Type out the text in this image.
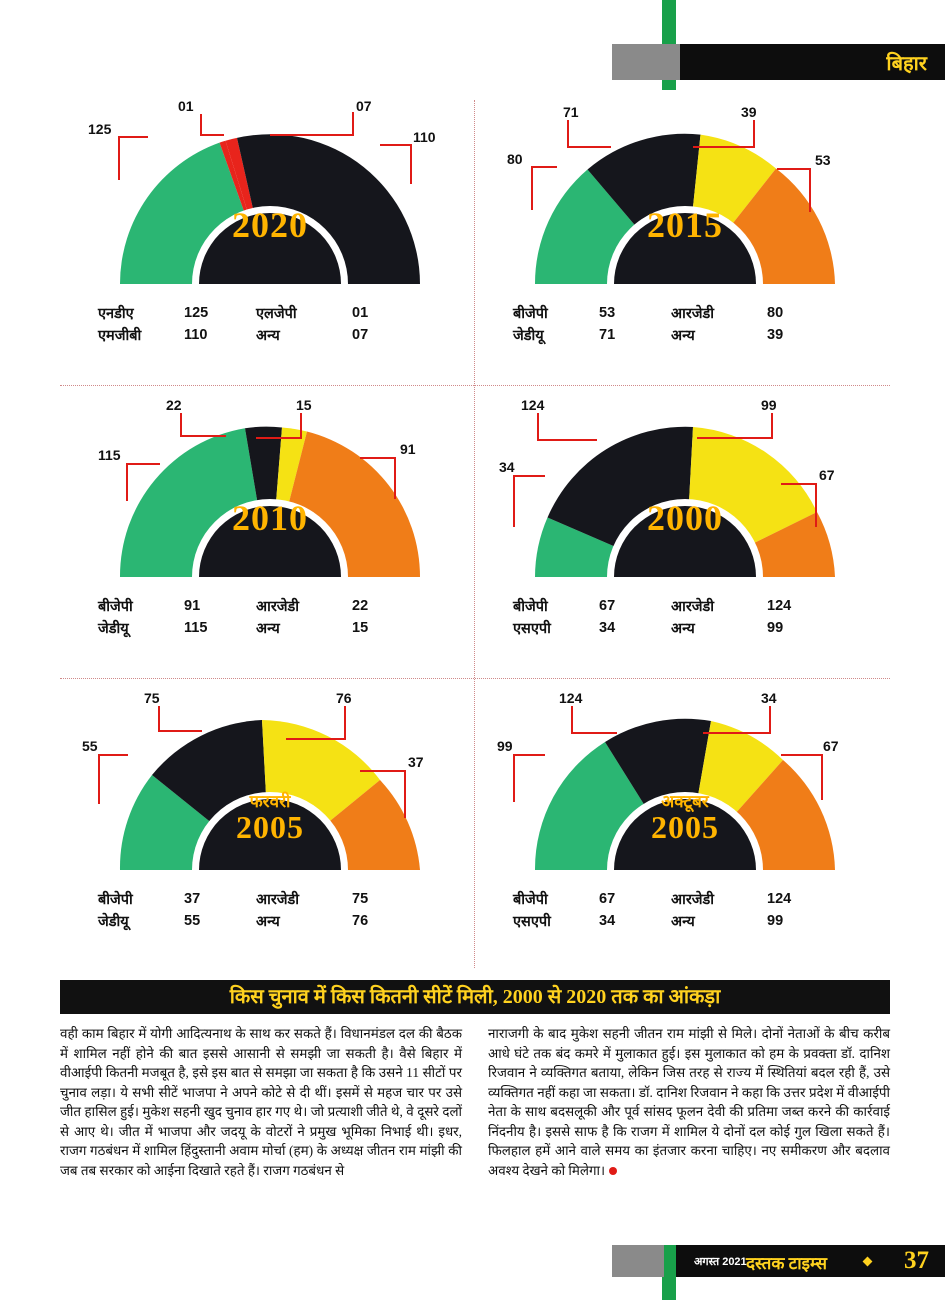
बिहार
2020
125
01	07
110
एनडीए	125	एलजेपी	01
एमजीबी	110	अन्य	07
2015
80
71	39
53
बीजेपी	53	आरजेडी	80
जेडीयू	71	अन्य	39
2010
115
22	15
91
बीजेपी	91	आरजेडी	22
जेडीयू	115	अन्य	15
2000
34
124	99
67
बीजेपी	67	आरजेडी	124
एसएपी	34	अन्य	99
फरवरी
2005
55
75	76
37
बीजेपी	37	आरजेडी	75
जेडीयू	55	अन्य	76
अक्टूबर
2005
99
124	34
67
बीजेपी	67	आरजेडी	124
एसएपी	34	अन्य	99
किस चुनाव में किस कितनी सीटें मिली, 2000 से 2020 तक का आंकड़ा
वही काम बिहार में योगी आदित्यनाथ के साथ कर सकते हैं। विधानमंडल दल की बैठक में शामिल नहीं होने की बात इससे आसानी से समझी जा सकती है। वैसे बिहार में वीआईपी कितनी मजबूत है, इसे इस बात से समझा जा सकता है कि उसने 11 सीटों पर चुनाव लड़ा। ये सभी सीटें भाजपा ने अपने कोटे से दी थीं। इसमें से महज चार पर उसे जीत हासिल हुई। मुकेश सहनी खुद चुनाव हार गए थे। जो प्रत्याशी जीते थे, वे दूसरे दलों से आए थे। जीत में भाजपा और जदयू के वोटरों ने प्रमुख भूमिका निभाई थी। इधर, राजग गठबंधन में शामिल हिंदुस्तानी अवाम मोर्चा (हम) के अध्यक्ष जीतन राम मांझी की जब तब सरकार को आईना दिखाते रहते हैं। राजग गठबंधन से
नाराजगी के बाद मुकेश सहनी जीतन राम मांझी से मिले। दोनों नेताओं के बीच करीब आधे घंटे तक बंद कमरे में मुलाकात हुई। इस मुलाकात को हम के प्रवक्ता डॉ. दानिश रिजवान ने व्यक्तिगत बताया, लेकिन जिस तरह से राज्य में स्थितियां बदल रही हैं, उसे व्यक्तिगत नहीं कहा जा सकता। डॉ. दानिश रिजवान ने कहा कि उत्तर प्रदेश में वीआईपी नेता के साथ बदसलूकी और पूर्व सांसद फूलन देवी की प्रतिमा जब्त करने की कार्रवाई निंदनीय है। इससे साफ है कि राजग में शामिल ये दोनों दल कोई गुल खिला सकते हैं। फिलहाल हमें आने वाले समय का इंतजार करना चाहिए। नए समीकरण और बदलाव अवश्य देखने को मिलेगा।
अगस्त 2021 दस्तक टाइम्स	37
